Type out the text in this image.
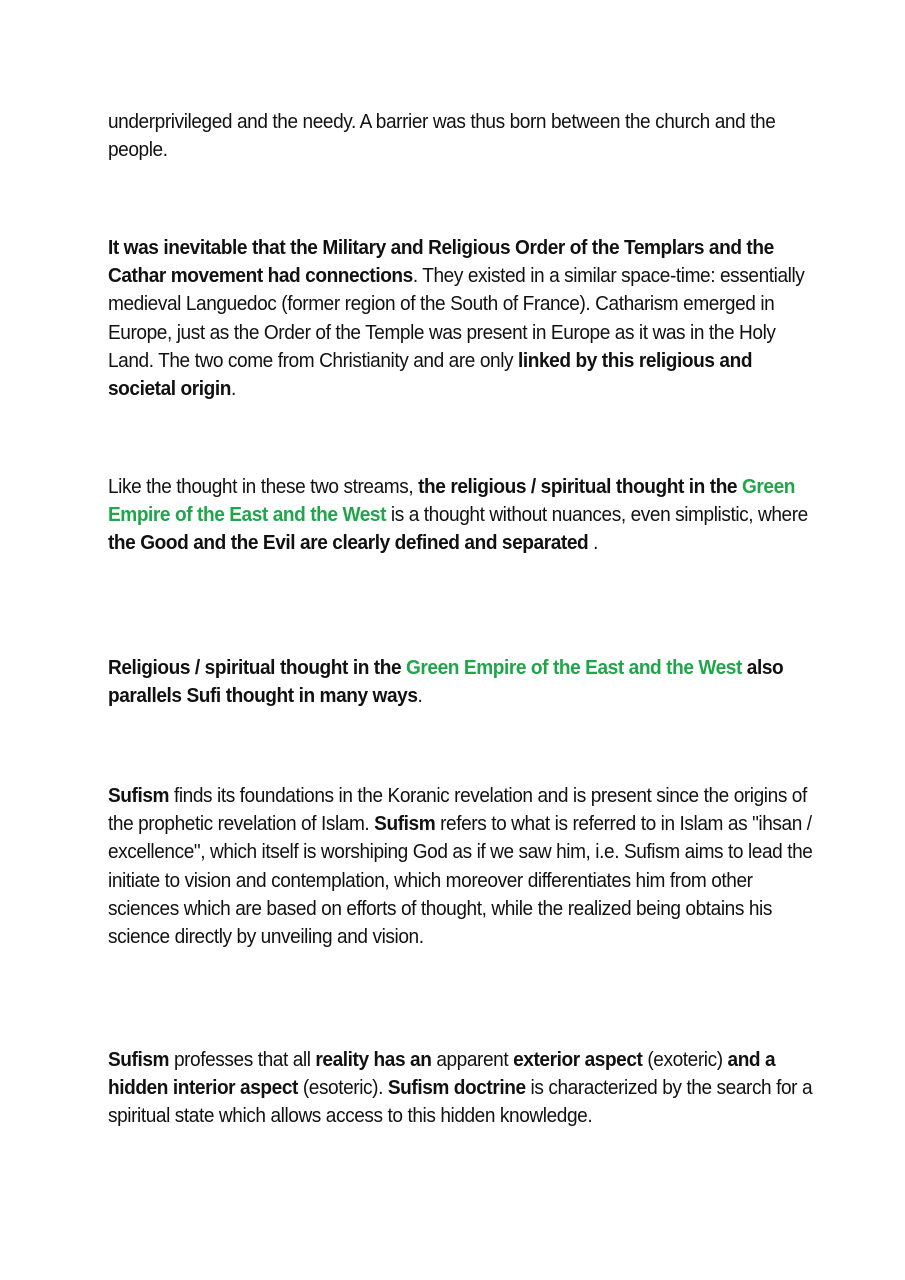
underprivileged and the needy. A barrier was thus born between the church and the people.

It was inevitable that the Military and Religious Order of the Templars and the Cathar movement had connections. They existed in a similar space-time: essentially medieval Languedoc (former region of the South of France). Catharism emerged in Europe, just as the Order of the Temple was present in Europe as it was in the Holy Land. The two come from Christianity and are only linked by this religious and societal origin.

Like the thought in these two streams, the religious / spiritual thought in the Green Empire of the East and the West is a thought without nuances, even simplistic, where the Good and the Evil are clearly defined and separated .

Religious / spiritual thought in the Green Empire of the East and the West also parallels Sufi thought in many ways.

Sufism finds its foundations in the Koranic revelation and is present since the origins of the prophetic revelation of Islam. Sufism refers to what is referred to in Islam as "ihsan / excellence", which itself is worshiping God as if we saw him, i.e. Sufism aims to lead the initiate to vision and contemplation, which moreover differentiates him from other sciences which are based on efforts of thought, while the realized being obtains his science directly by unveiling and vision.

Sufism professes that all reality has an apparent exterior aspect (exoteric) and a hidden interior aspect (esoteric). Sufism doctrine is characterized by the search for a spiritual state which allows access to this hidden knowledge.
